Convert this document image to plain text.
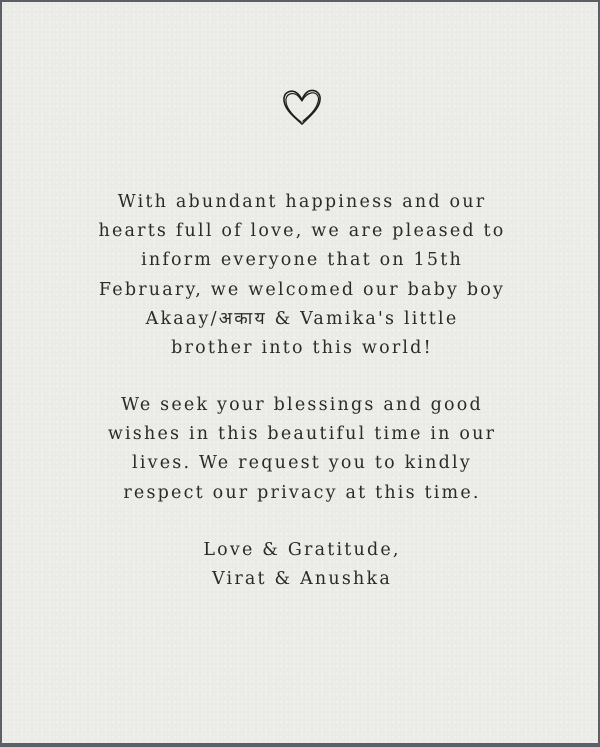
With abundant happiness and our
hearts full of love, we are pleased to
inform everyone that on 15th
February, we welcomed our baby boy
Akaay/अकाय & Vamika's little
brother into this world!
We seek your blessings and good
wishes in this beautiful time in our
lives. We request you to kindly
respect our privacy at this time.
Love & Gratitude,
Virat & Anushka
